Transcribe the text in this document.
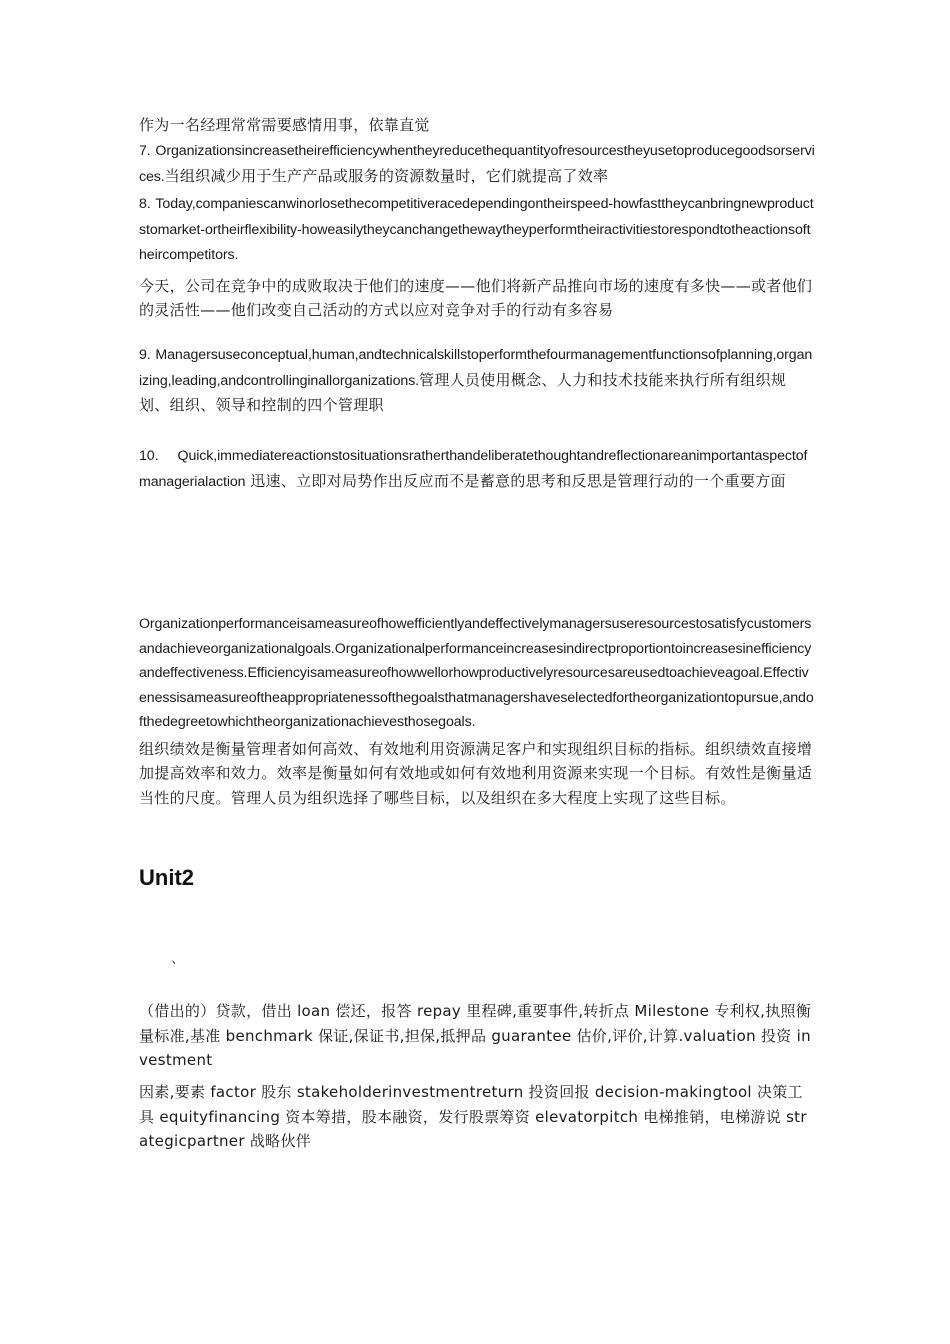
作为一名经理常常需要感情用事，依靠直觉

7. Organizationsincreasetheirefficiencywhentheyreducethequantityofresourcestheyusetoproducegoodsorservices.当组织减少用于生产产品或服务的资源数量时，它们就提高了效率

8. Today,companiescanwinorlosethecompetitiveracedependingontheirspeed-howfasttheycanbringnewproductstomarket-ortheirflexibility-howeasilytheycanchangethewaytheyperformtheiractivitiestorespondtotheactionsoftheircompetitors.

今天，公司在竞争中的成败取决于他们的速度——他们将新产品推向市场的速度有多快——或者他们的灵活性——他们改变自己活动的方式以应对竞争对手的行动有多容易

9. Managersuseconceptual,human,andtechnicalskillstoperformthefourmanagementfunctionsofplanning,organizing,leading,andcontrollinginallorganizations.管理人员使用概念、人力和技术技能来执行所有组织规划、组织、领导和控制的四个管理职

10. Quick,immediatereactionstosituationsratherthandeliberatethoughtandreflectionareanimportantaspectofmanagerialaction 迅速、立即对局势作出反应而不是蓄意的思考和反思是管理行动的一个重要方面

Organizationperformanceisameasureofhowefficientlyandeffectivelymanagersuseresourcestosatisfycustomersandachieveorganizationalgoals.Organizationalperformanceincreasesindirectproportiontoincreasesinefficiencyandeffectiveness.Efficiencyisameasureofhowwellorhowproductivelyresourcesareusedtoachieveagoal.Effectivenessisameasureoftheappropriatenessofthegoalsthatmanagershaveselectedfortheorganizationtopursue,andofthedegreetowhichtheorganizationachievesthosegoals.

组织绩效是衡量管理者如何高效、有效地利用资源满足客户和实现组织目标的指标。组织绩效直接增加提高效率和效力。效率是衡量如何有效地或如何有效地利用资源来实现一个目标。有效性是衡量适当性的尺度。管理人员为组织选择了哪些目标，以及组织在多大程度上实现了这些目标。

Unit2
、

（借出的）贷款，借出 loan 偿还，报答 repay 里程碑,重要事件,转折点 Milestone 专利权,执照衡量标准,基准 benchmark 保证,保证书,担保,抵押品 guarantee 估价,评价,计算.valuation 投资 investment

因素,要素 factor 股东 stakeholderinvestmentreturn 投资回报 decision-makingtool 决策工具 equityfinancing 资本筹措，股本融资，发行股票筹资 elevatorpitch 电梯推销，电梯游说 strategicpartner 战略伙伴
